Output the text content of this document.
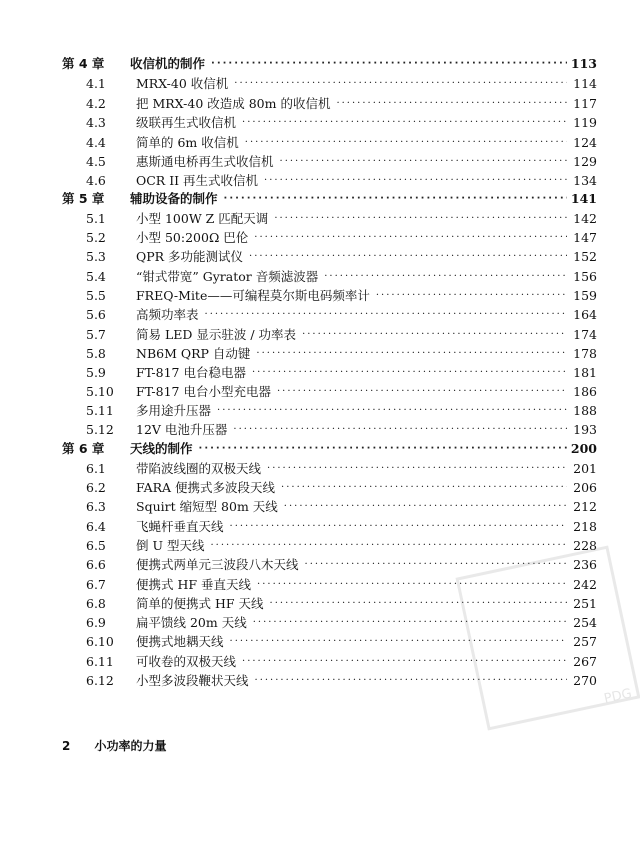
第 4 章	收信机的制作 ·····	113
4.1	MRX-40 收信机 ·····	114
4.2	把 MRX-40 改造成 80m 的收信机 ·····	117
4.3	级联再生式收信机 ·····	119
4.4	简单的 6m 收信机 ·····	124
4.5	惠斯通电桥再生式收信机 ·····	129
4.6	OCR II 再生式收信机 ·····	134
第 5 章	辅助设备的制作 ·····	141
5.1	小型 100W Z 匹配天调 ·····	142
5.2	小型 50:200Ω 巴伦 ·····	147
5.3	QPR 多功能测试仪 ·····	152
5.4	“钳式带宽” Gyrator 音频滤波器 ·····	156
5.5	FREQ-Mite——可编程莫尔斯电码频率计 ·····	159
5.6	高频功率表 ·····	164
5.7	简易 LED 显示驻波 / 功率表 ·····	174
5.8	NB6M QRP 自动键 ·····	178
5.9	FT-817 电台稳电器 ·····	181
5.10	FT-817 电台小型充电器 ·····	186
5.11	多用途升压器 ·····	188
5.12	12V 电池升压器 ·····	193
第 6 章	天线的制作 ·····	200
6.1	带陷波线圈的双极天线 ·····	201
6.2	FARA 便携式多波段天线 ·····	206
6.3	Squirt 缩短型 80m 天线 ·····	212
6.4	飞蝇杆垂直天线 ·····	218
6.5	倒 U 型天线 ·····	228
6.6	便携式两单元三波段八木天线 ·····	236
6.7	便携式 HF 垂直天线 ·····	242
6.8	简单的便携式 HF 天线 ·····	251
6.9	扁平馈线 20m 天线 ·····	254
6.10	便携式地耦天线 ·····	257
6.11	可收卷的双极天线 ·····	267
6.12	小型多波段鞭状天线 ·····	270
2 小功率的力量
PDG
